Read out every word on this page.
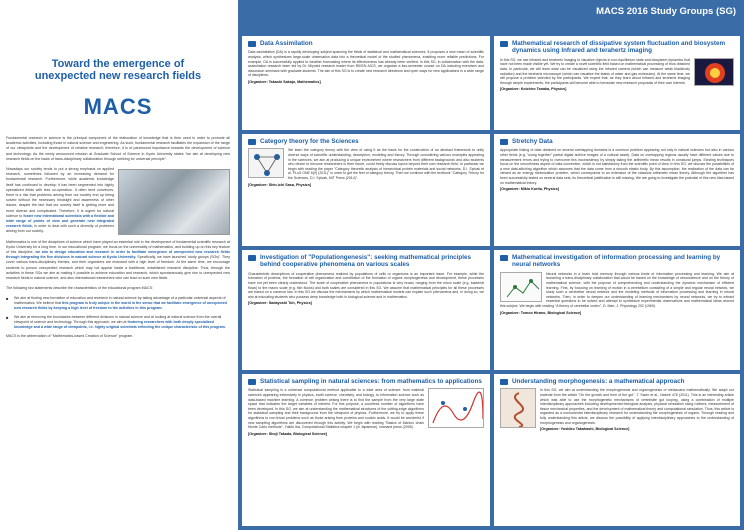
Toward the emergence of
unexpected new research fields
MACS

Fundamental research in science is the principal component of the elaboration of knowledge that is then used in order to promote all academic activities, including those in natural science and engineering. As such, fundamental research facilitates the expansion of the range of our viewpoints and the development of creative research; therefore, it is of paramount importance towards the development of science and technology. As the newly announced mission at Graduate School of Science in Kyoto University states "we aim at developing new research fields on the basis of trans-disciplinary collaboration through seeking for universal principle".

Nowadays our society tends to put a strong emphasis on applied research, sometimes followed by an increasing demand for fundamental research. Furthermore, while academic knowledge itself has continued to develop it has been segmented into highly specialized fields with less co-operation. It often tend convinces, there is a risk that problems arising from our society end up being solved without the necessary hindsight and awareness of other issues, despite the fact that our society itself is getting more and more diverse and complicated. Therefore, it is urgent for natural science to foster new international scientists with a flexible and wide range of points of view and generate new integrated research fields, in order to deal with such a diversity of problems arising from our society.

Mathematics is one of the disciplines of science which have played an essential role in the development of fundamental scientific research at Kyoto University for a long time. In our educational program, we focus on the universality of mathematics, and building up on this key feature of this discipline, we aim to design education and research in order to facilitate emergence of unexpected new research fields through integrating the five divisions in natural science at Kyoto University. Specifically, we have launched 'study groups (SGs)'. They cover various trans-disciplinary themes, and their organizers are endowed with a high level of freedom. At the same time, we encourage students to pursue unexpected research which may not appear inside a traditional, established research discipline. Thus, through the activities in these SGs we aim at making it possible to achieve education and research, which spontaneously give rise to unexpected new research fields in natural science, and also international researchers who can lead on such new fields.

The following two statements describe the characteristics of the educational program MACS:

■ We aim at finding new formation of education and research in natural science by taking advantage of a particular universal aspects of mathematics. We believe that this program is truly unique in the world in the sense that we facilitate emergence of unexpected new research fields by keeping a high level of freedom to the activities in this program.
■ We aim at removing the boundaries between different divisions in natural science and at looking at natural science from the overall viewpoint of science and technology. Through this approach, we aim at fostering researchers with both deeply specialized knowledge and a wide range of viewpoints, i.e. highly original scientists reflecting the unique characteristic of this program.

MACS is the abbreviation of "Mathematics-based Creation of Science" program.

MACS 2016 Study Groups (SG)
Data Assimilation
Data assimilation (DA) is a rapidly developing subject spanning the fields of statistical and mathematical sciences. It proposes a new mean of scientific analysis, which synthesizes large-scale observation data into a theoretical model of the studied phenomena, enabling more reliable predictions. For example, DA is successfully applied to weather forecasting where its effectiveness has already been verified. In this SG, in collaboration with the data-assimilation research team led by Dr. Miyoshi research leader from RIKEN AICS, we organize a two-semester course on DA including exercises and discussion seminars with graduate students. The aim of this SG is to create new research directions and open ways for new applications in a wide range of disciplines.
[Organizer: Takashi Sakajo, Mathematics]
Mathematical research of dissipative system fluctuation and biosystem dynamics using Infrared and terahertz imaging
In this SG, we use infrared and terahertz imaging to visualize objects in non-equilibrium state and biosystem dynamics that have not been made visible yet. We try to create a novel scientific field based on mathematical processing of thus obtained data. In particular, we will learn what can be visualized using the infrared camera (which can measure weak blackbody radiation) and the terahertz microscope (which can visualize the states of water and gas molecules). At the same time, we will propose a problem selected by the participants. We expect that, as they learn about infrared and terahertz imaging through simple experiments, the participants will become able to formulate new research proposals of their own interest.
[Organizer: Koichiro Tanaka, Physics]
Category theory for the Sciences
We learn the category theory with the view of using it as the basis for the construction of an abstract framework to unify diverse ways of scientific understanding, description, modeling and theory. Through considering various examples appearing in the sciences, we aim at producing a unique environment where researchers from different backgrounds and also students who desire to become researchers in their future, could freely discuss topics beyond their own research field. In particular we begin with reading the paper "Category theoretic analysis of hierarchical protein materials and social networks, D.I. Spivak et al. PLoS ONE 6(9) (2011)" in order to get the feel of category theory. Then we continue with the textbook "Category Theory for the Sciences, D.I. Spivak, MIT Press (2014)".
[Organizer: Shin-ichi Sasa, Physics]
Stretchy Data
Appropriate linking of data obtained on several overlapping domains is a common problem appearing not only in natural sciences but also in various other fields (e.g. "using together" partial digital archive images of a cultural asset). Data on overlapping regions usually have different values due to measurement errors and trying to overcome this inconsistency by simply taking the arithmetic mean results in unnatural jumps. Existing techniques focus on the smoothness aspect of data connection, which is not satisfactory from the scientific point of view. In this SG, we discuss the possibilities of a new data-stitching algorithm which assumes that the data come from a smooth elastic body. By this assumption, the realization of the data can be viewed as an energy minimization problem, which corresponds to an extension of the classical arithmetic mean theory. Although the algorithm has been successfully tested on several data sets, its theoretical justification is still missing. We are going to investigate the potential of this new idea based on mathematical theory.
[Organizer: Mikio Kurita, Physics]
Investigation of "Populationgenesis": seeking mathematical principles behind cooperative phenomena on various scales
Characteristic descriptions of cooperative phenomena realized by populations of cells or organisms is an important issue. For example, while the formation of proteins, the formation of cell organization and constitution of the formation of organs morphogenesis and development, these processes have not yet been clearly understood. The scale of cooperative phenomena in populations is very broad, ranging from the micro scale (e.g. bacterial flows) to the macro scale (e.g. fish flocks) and both scales are considered in this SG. We assume that mathematical principles for all these processes are based on a common law. In this SG we discuss the mechanisms by which mathematical models can explain such phenomena and, in doing so, we aim at educating students who possess deep knowledge both in biological science and in mathematics.
[Organizer: Sadayoshi Toh, Physics]
Mathematical investigation of information processing and learning by neural networks
Neural networks in a brain hold memory through various kinds of information processing and learning. We aim at launching a trans-disciplinary collaboration that would be based on the knowledge of neuroscience and on the theory of mathematical science, with the purpose of comprehending and understanding the dynamic mechanism of efficient learning. First, by focusing on learning of motion in a cerebellum consisting of a simple and regular neural network, we study such a cerebellar neural network and the modeling methods of information processing and learning in neural networks. Then, in order to deepen our understanding of learning mechanisms by neural networks, we try to extract essential questions to be solved and attempt to synthesize experimental observations and mathematical ideas around this subject. We begin with reading "A theory of cerebellar cortex", D. Marr, J. Physiology 202 (1969).
[Organizer: Tomoo Hirano, Biological Science]
Statistical sampling in natural sciences: from mathematics to applications
Statistical sampling is a universal computational method applicable to a wide area of science: from material sciences appearing extensively in physics, earth science, chemistry, and biology, to information science such as data-based machine learning. A common problem arising there is to find the sample from the very large state space that indicates the target variables of interest. For this purpose, a countless number of algorithms have been developed. In this SG, we aim at understanding the mathematical structures of the cutting-edge algorithms for statistical sampling and their background from the viewpoint of physics. Furthermore, we try to apply these algorithms to non-trivial problems such as those arising from proteins and nucleic acids. It would be wonderful if new sampling algorithms are discovered through this activity. We begin with reading "Basics of Markov chain Monte Carlo methods", Yukito Iba, Computational Statistics chapter 1 (in Japanese), Iwanami press (2005).
[Organizer: Shoji Takada, Biological Science]
Understanding morphogenesis: a mathematical approach
In this SG, we aim at understanding the morphogenesis and organogenesis of metazoans mathematically. We adopt our material from the article "On the growth and form of the gut", T. Savin et al., Nature 476 (2011). This is an interesting article which was able to use the morphogenetic mechanisms of vertebrate gut looping, using a combination of multiple interdisciplinary approaches including developmental biological analysis, physical simulation using rubbers, measurement of tissue mechanical properties, and the development of mathematical theory and computational simulation. Thus, this article is regarded as a monumental interdisciplinary research for understanding the morphogenesis of organs. Through reading and fully understanding this article, we discuss the possibility of applying interdisciplinary approaches to the understanding of morphogenesis and organogenesis.
[Organizer: Yoshiko Takahashi, Biological Science]
